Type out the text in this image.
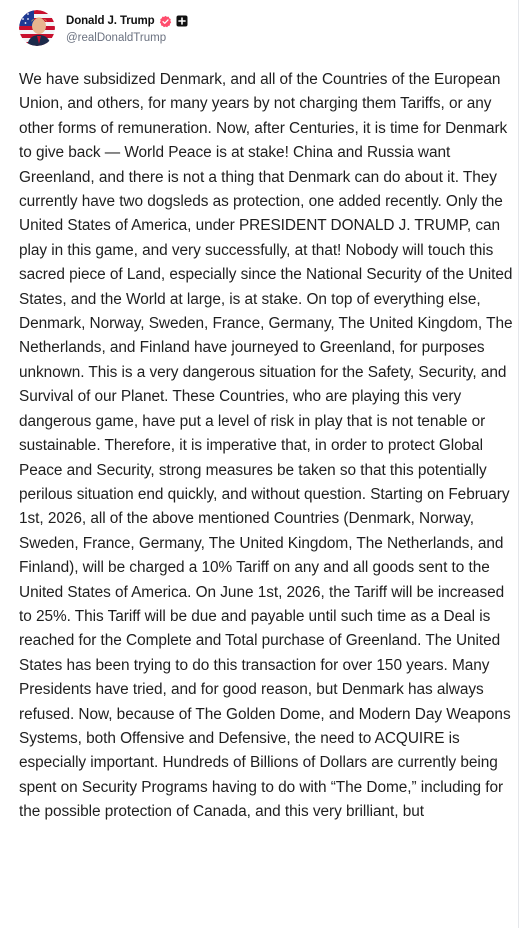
Donald J. Trump
@realDonaldTrump
We have subsidized Denmark, and all of the Countries of the European Union, and others, for many years by not charging them Tariffs, or any other forms of remuneration. Now, after Centuries, it is time for Denmark to give back — World Peace is at stake! China and Russia want Greenland, and there is not a thing that Denmark can do about it. They currently have two dogsleds as protection, one added recently. Only the United States of America, under PRESIDENT DONALD J. TRUMP, can play in this game, and very successfully, at that! Nobody will touch this sacred piece of Land, especially since the National Security of the United States, and the World at large, is at stake. On top of everything else, Denmark, Norway, Sweden, France, Germany, The United Kingdom, The Netherlands, and Finland have journeyed to Greenland, for purposes unknown. This is a very dangerous situation for the Safety, Security, and Survival of our Planet. These Countries, who are playing this very dangerous game, have put a level of risk in play that is not tenable or sustainable. Therefore, it is imperative that, in order to protect Global Peace and Security, strong measures be taken so that this potentially perilous situation end quickly, and without question. Starting on February 1st, 2026, all of the above mentioned Countries (Denmark, Norway, Sweden, France, Germany, The United Kingdom, The Netherlands, and Finland), will be charged a 10% Tariff on any and all goods sent to the United States of America. On June 1st, 2026, the Tariff will be increased to 25%. This Tariff will be due and payable until such time as a Deal is reached for the Complete and Total purchase of Greenland. The United States has been trying to do this transaction for over 150 years. Many Presidents have tried, and for good reason, but Denmark has always refused. Now, because of The Golden Dome, and Modern Day Weapons Systems, both Offensive and Defensive, the need to ACQUIRE is especially important. Hundreds of Billions of Dollars are currently being spent on Security Programs having to do with “The Dome,” including for the possible protection of Canada, and this very brilliant, but
